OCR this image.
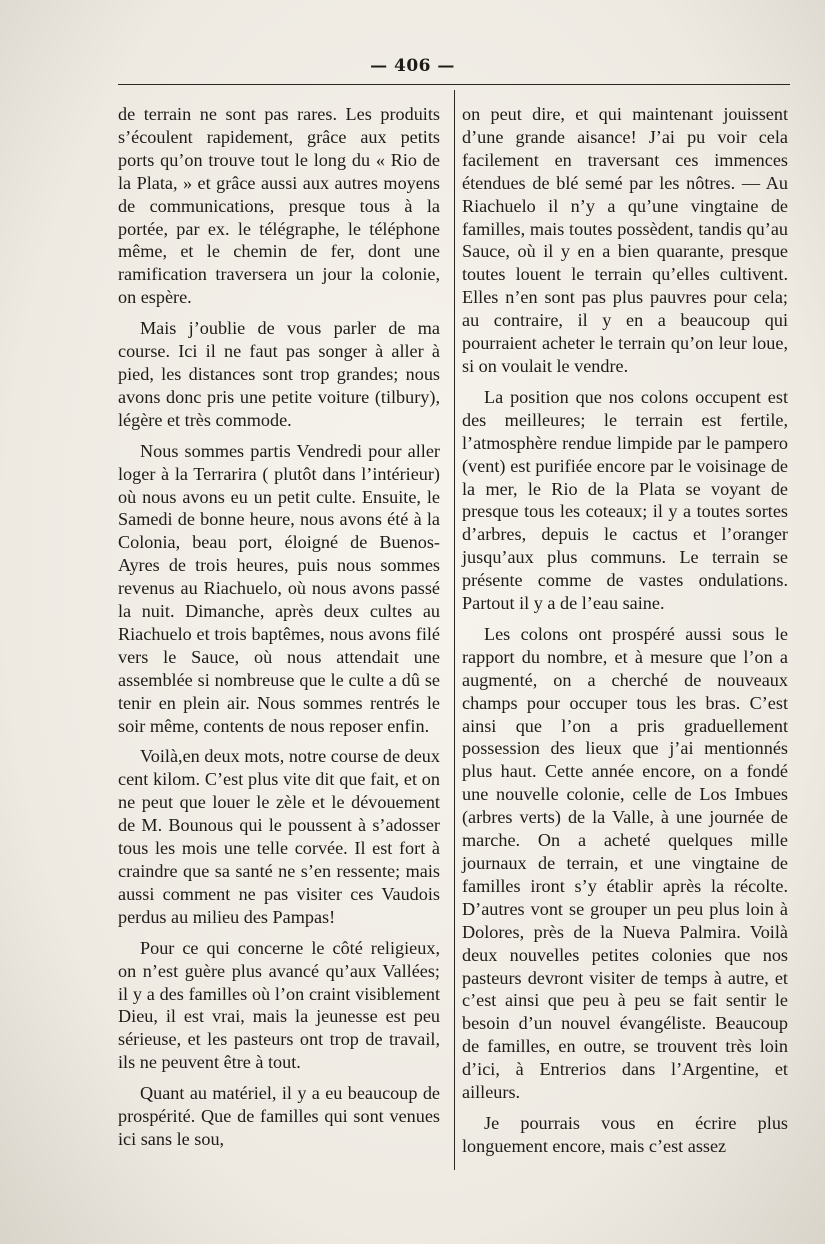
— 406 —

de terrain ne sont pas rares. Les produits s’écoulent rapidement, grâce aux petits ports qu’on trouve tout le long du « Rio de la Plata, » et grâce aussi aux autres moyens de communications, presque tous à la portée, par ex. le télégraphe, le téléphone même, et le chemin de fer, dont une ramification traversera un jour la colonie, on espère.

Mais j’oublie de vous parler de ma course. Ici il ne faut pas songer à aller à pied, les distances sont trop grandes; nous avons donc pris une petite voiture (tilbury), légère et très commode.

Nous sommes partis Vendredi pour aller loger à la Terrarira ( plutôt dans l’intérieur) où nous avons eu un petit culte. Ensuite, le Samedi de bonne heure, nous avons été à la Colonia, beau port, éloigné de Buenos-Ayres de trois heures, puis nous sommes revenus au Riachuelo, où nous avons passé la nuit. Dimanche, après deux cultes au Riachuelo et trois baptêmes, nous avons filé vers le Sauce, où nous attendait une assemblée si nombreuse que le culte a dû se tenir en plein air. Nous sommes rentrés le soir même, contents de nous reposer enfin.

Voilà,en deux mots, notre course de deux cent kilom. C’est plus vite dit que fait, et on ne peut que louer le zèle et le dévouement de M. Bounous qui le poussent à s’adosser tous les mois une telle corvée. Il est fort à craindre que sa santé ne s’en ressente; mais aussi comment ne pas visiter ces Vaudois perdus au milieu des Pampas!

Pour ce qui concerne le côté religieux, on n’est guère plus avancé qu’aux Vallées; il y a des familles où l’on craint visiblement Dieu, il est vrai, mais la jeunesse est peu sérieuse, et les pasteurs ont trop de travail, ils ne peuvent être à tout.

Quant au matériel, il y a eu beaucoup de prospérité. Que de familles qui sont venues ici sans le sou,

on peut dire, et qui maintenant jouissent d’une grande aisance! J’ai pu voir cela facilement en traversant ces immences étendues de blé semé par les nôtres. — Au Riachuelo il n’y a qu’une vingtaine de familles, mais toutes possèdent, tandis qu’au Sauce, où il y en a bien quarante, presque toutes louent le terrain qu’elles cultivent. Elles n’en sont pas plus pauvres pour cela; au contraire, il y en a beaucoup qui pourraient acheter le terrain qu’on leur loue, si on voulait le vendre.

La position que nos colons occupent est des meilleures; le terrain est fertile, l’atmosphère rendue limpide par le pampero (vent) est purifiée encore par le voisinage de la mer, le Rio de la Plata se voyant de presque tous les coteaux; il y a toutes sortes d’arbres, depuis le cactus et l’oranger jusqu’aux plus communs. Le terrain se présente comme de vastes ondulations. Partout il y a de l’eau saine.

Les colons ont prospéré aussi sous le rapport du nombre, et à mesure que l’on a augmenté, on a cherché de nouveaux champs pour occuper tous les bras. C’est ainsi que l’on a pris graduellement possession des lieux que j’ai mentionnés plus haut. Cette année encore, on a fondé une nouvelle colonie, celle de Los Imbues (arbres verts) de la Valle, à une journée de marche. On a acheté quelques mille journaux de terrain, et une vingtaine de familles iront s’y établir après la récolte. D’autres vont se grouper un peu plus loin à Dolores, près de la Nueva Palmira. Voilà deux nouvelles petites colonies que nos pasteurs devront visiter de temps à autre, et c’est ainsi que peu à peu se fait sentir le besoin d’un nouvel évangéliste. Beaucoup de familles, en outre, se trouvent très loin d’ici, à Entrerios dans l’Argentine, et ailleurs.

Je pourrais vous en écrire plus longuement encore, mais c’est assez
